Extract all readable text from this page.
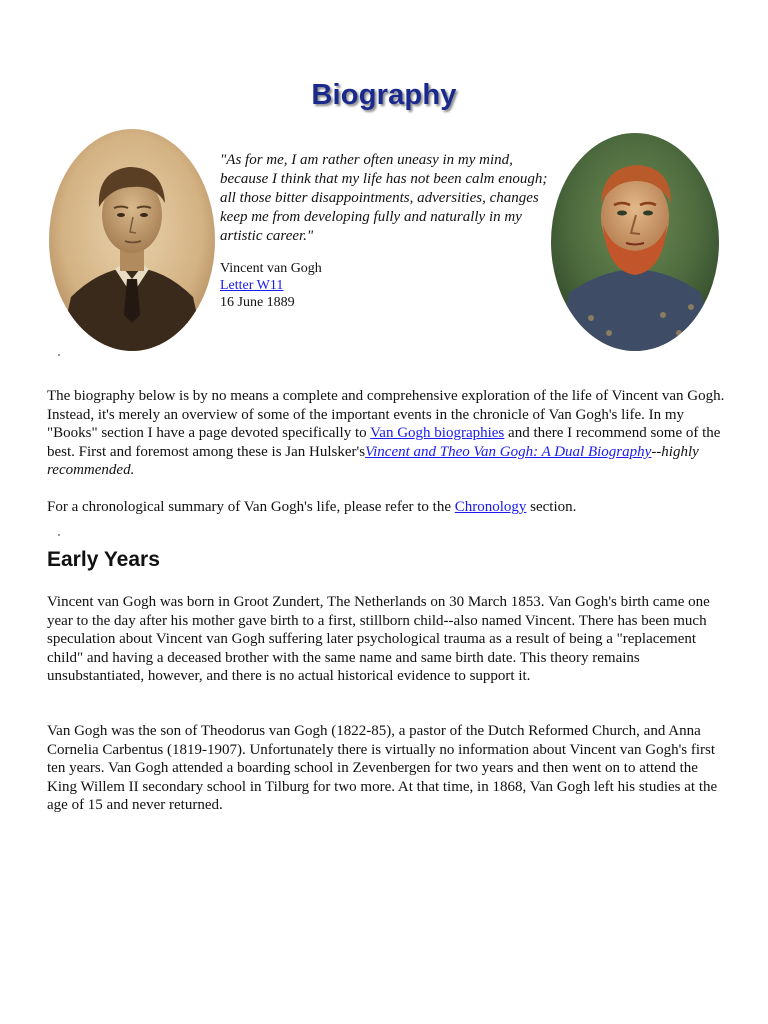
Biography

"As for me, I am rather often uneasy in my mind, because I think that my life has not been calm enough; all those bitter disappointments, adversities, changes keep me from developing fully and naturally in my artistic career."

Vincent van Gogh
Letter W11
16 June 1889

The biography below is by no means a complete and comprehensive exploration of the life of Vincent van Gogh. Instead, it's merely an overview of some of the important events in the chronicle of Van Gogh's life. In my "Books" section I have a page devoted specifically to Van Gogh biographies and there I recommend some of the best. First and foremost among these is Jan Hulsker'sVincent and Theo Van Gogh: A Dual Biography--highly recommended.

For a chronological summary of Van Gogh's life, please refer to the Chronology section.

Early Years

Vincent van Gogh was born in Groot Zundert, The Netherlands on 30 March 1853. Van Gogh's birth came one year to the day after his mother gave birth to a first, stillborn child--also named Vincent. There has been much speculation about Vincent van Gogh suffering later psychological trauma as a result of being a "replacement child" and having a deceased brother with the same name and same birth date. This theory remains unsubstantiated, however, and there is no actual historical evidence to support it.

Van Gogh was the son of Theodorus van Gogh (1822-85), a pastor of the Dutch Reformed Church, and Anna Cornelia Carbentus (1819-1907). Unfortunately there is virtually no information about Vincent van Gogh's first ten years. Van Gogh attended a boarding school in Zevenbergen for two years and then went on to attend the King Willem II secondary school in Tilburg for two more. At that time, in 1868, Van Gogh left his studies at the age of 15 and never returned.
